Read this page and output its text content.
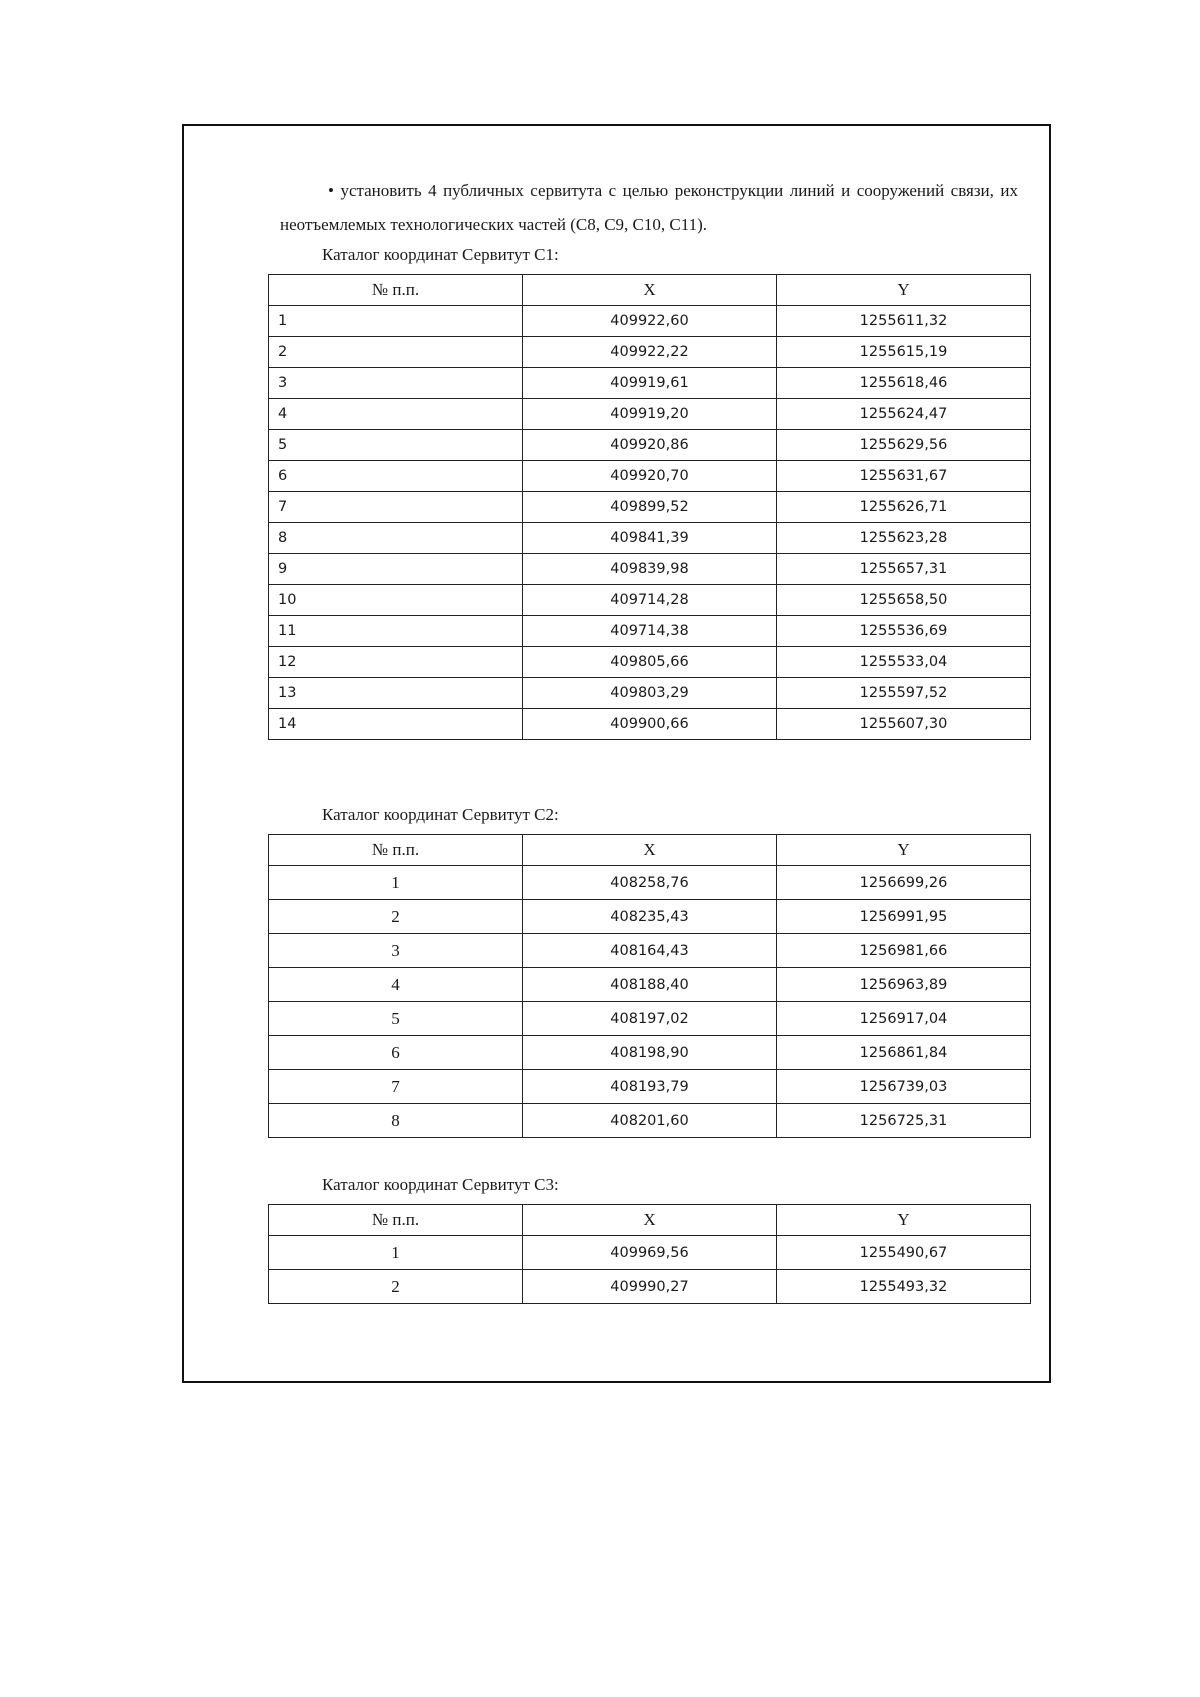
• установить 4 публичных сервитута с целью реконструкции линий и сооружений связи, их неотъемлемых технологических частей (С8, С9, С10, С11).

Каталог координат Сервитут С1:
№ п.п.	X	Y
1	409922,60	1255611,32
2	409922,22	1255615,19
3	409919,61	1255618,46
4	409919,20	1255624,47
5	409920,86	1255629,56
6	409920,70	1255631,67
7	409899,52	1255626,71
8	409841,39	1255623,28
9	409839,98	1255657,31
10	409714,28	1255658,50
11	409714,38	1255536,69
12	409805,66	1255533,04
13	409803,29	1255597,52
14	409900,66	1255607,30
Каталог координат Сервитут С2:
№ п.п.	X	Y
1	408258,76	1256699,26
2	408235,43	1256991,95
3	408164,43	1256981,66
4	408188,40	1256963,89
5	408197,02	1256917,04
6	408198,90	1256861,84
7	408193,79	1256739,03
8	408201,60	1256725,31
Каталог координат Сервитут С3:
№ п.п.	X	Y
1	409969,56	1255490,67
2	409990,27	1255493,32
